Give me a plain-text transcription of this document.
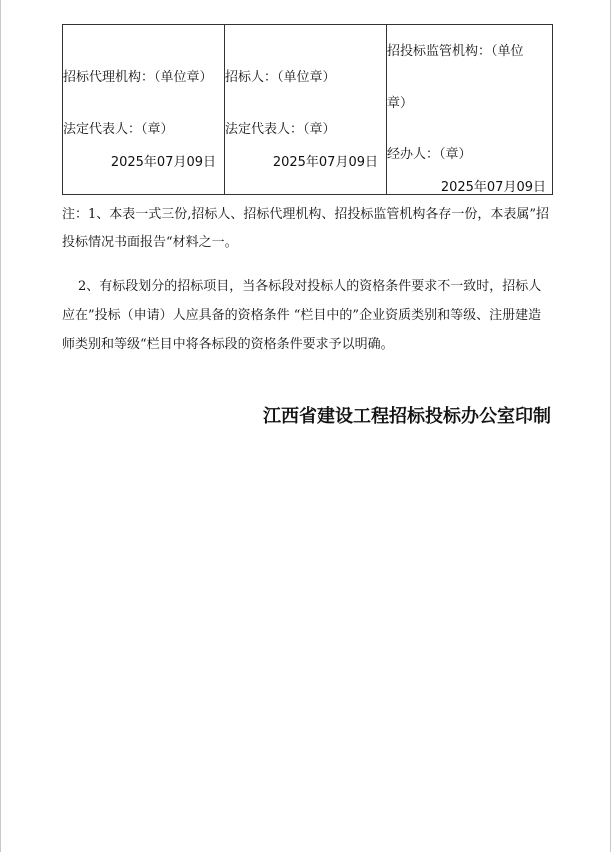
招标代理机构：（单位章）
法定代表人：（章）
2025年07月09日

招标人：（单位章）
法定代表人：（章）
2025年07月09日

招投标监管机构：（单位
章）
经办人：（章）
2025年07月09日
注：1、本表一式三份,招标人、招标代理机构、招投标监管机构各存一份，本表属”招
投标情况书面报告“材料之一。
2、有标段划分的招标项目，当各标段对投标人的资格条件要求不一致时，招标人
应在”投标（申请）人应具备的资格条件 “栏目中的”企业资质类别和等级、注册建造
师类别和等级“栏目中将各标段的资格条件要求予以明确。
江西省建设工程招标投标办公室印制
